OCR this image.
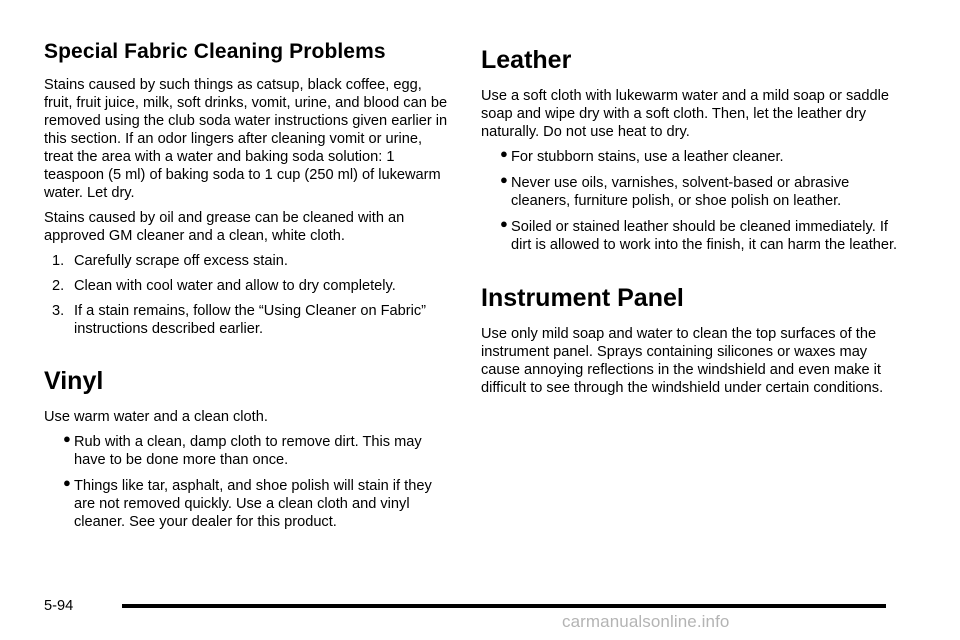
Special Fabric Cleaning Problems

Stains caused by such things as catsup, black coffee, egg, fruit, fruit juice, milk, soft drinks, vomit, urine, and blood can be removed using the club soda water instructions given earlier in this section. If an odor lingers after cleaning vomit or urine, treat the area with a water and baking soda solution: 1 teaspoon (5 ml) of baking soda to 1 cup (250 ml) of lukewarm water. Let dry.

Stains caused by oil and grease can be cleaned with an approved GM cleaner and a clean, white cloth.

1. Carefully scrape off excess stain.
2. Clean with cool water and allow to dry completely.
3. If a stain remains, follow the “Using Cleaner on Fabric” instructions described earlier.
Vinyl

Use warm water and a clean cloth.

● Rub with a clean, damp cloth to remove dirt. This may have to be done more than once.
● Things like tar, asphalt, and shoe polish will stain if they are not removed quickly. Use a clean cloth and vinyl cleaner. See your dealer for this product.
Leather

Use a soft cloth with lukewarm water and a mild soap or saddle soap and wipe dry with a soft cloth. Then, let the leather dry naturally. Do not use heat to dry.

● For stubborn stains, use a leather cleaner.
● Never use oils, varnishes, solvent-based or abrasive cleaners, furniture polish, or shoe polish on leather.
● Soiled or stained leather should be cleaned immediately. If dirt is allowed to work into the finish, it can harm the leather.
Instrument Panel

Use only mild soap and water to clean the top surfaces of the instrument panel. Sprays containing silicones or waxes may cause annoying reflections in the windshield and even make it difficult to see through the windshield under certain conditions.

5-94
carmanualsonline.info
